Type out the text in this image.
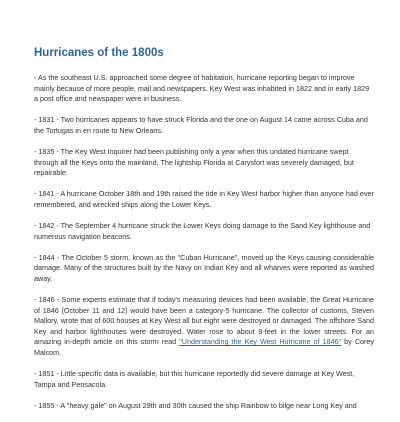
Hurricanes of the 1800s

- As the southeast U.S. approached some degree of habitation, hurricane reporting began to improve mainly because of more people, mail and newspapers. Key West was inhabited in 1822 and in early 1829 a post office and newspaper were in business.

- 1831 - Two hurricanes appears to have struck Florida and the one on August 14 came across Cuba and the Tortugas in en route to New Orleans.

- 1835 - The Key West Inquirer had been publishing only a year when this undated hurricane swept through all the Keys onto the mainland. The lightship Florida at Carysfort was severely damaged, but repairable.

- 1841 - A hurricane October 18th and 19th raised the tide in Key West harbor higher than anyone had ever remembered, and wrecked ships along the Lower Keys.

- 1842 - The September 4 hurricane struck the Lower Keys doing damage to the Sand Key lighthouse and numerous navigation beacons.

- 1844 - The October 5 storm, known as the "Cuban Hurricane", moved up the Keys causing considerable damage. Many of the structures built by the Navy on Indian Key and all wharves were reported as washed away.

- 1846 - Some experts estimate that if today's measuring devices had been available, the Great Hurricane of 1846 (October 11 and 12) would have been a category-5 hurricane. The collector of customs, Steven Mallory, wrote that of 600 houses at Key West all but eight were destroyed or damaged. The offshore Sand Key and harbor lighthouses were destroyed. Water rose to about 8-feet in the lower streets. For an amazing in-depth article on this storm read "Understanding the Key West Hurricane of 1846" by Corey Malcom.

- 1851 - Little specific data is available, but this hurricane reportedly did severe damage at Key West, Tampa and Pensacola.

- 1855 - A "heavy gale" on August 29th and 30th caused the ship Rainbow to bilge near Long Key and
